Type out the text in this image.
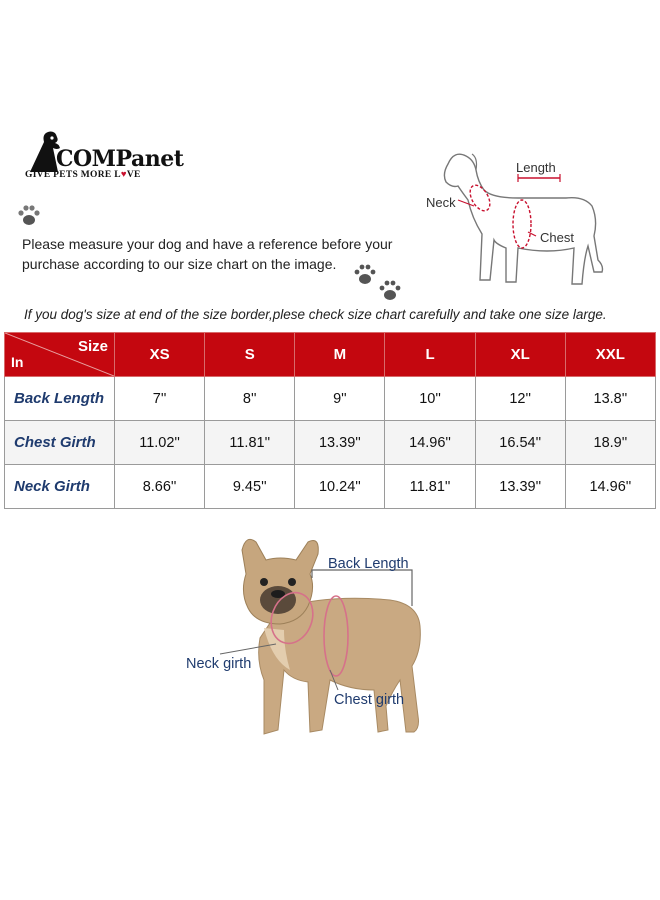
COMPanet
GIVE PETS MORE L♥VE
Please measure your dog and have a reference before your purchase according to our size chart on the image.
Length
Neck
Chest
If you dog's size at end of the size border,plese check size chart carefully and take one size large.
Size
In	XS	S	M	L	XL	XXL
Back Length	7''	8''	9''	10''	12''	13.8''
Chest Girth	11.02''	11.81''	13.39''	14.96''	16.54''	18.9''
Neck Girth	8.66''	9.45''	10.24''	11.81''	13.39''	14.96''
Back Length
Neck girth
Chest girth
